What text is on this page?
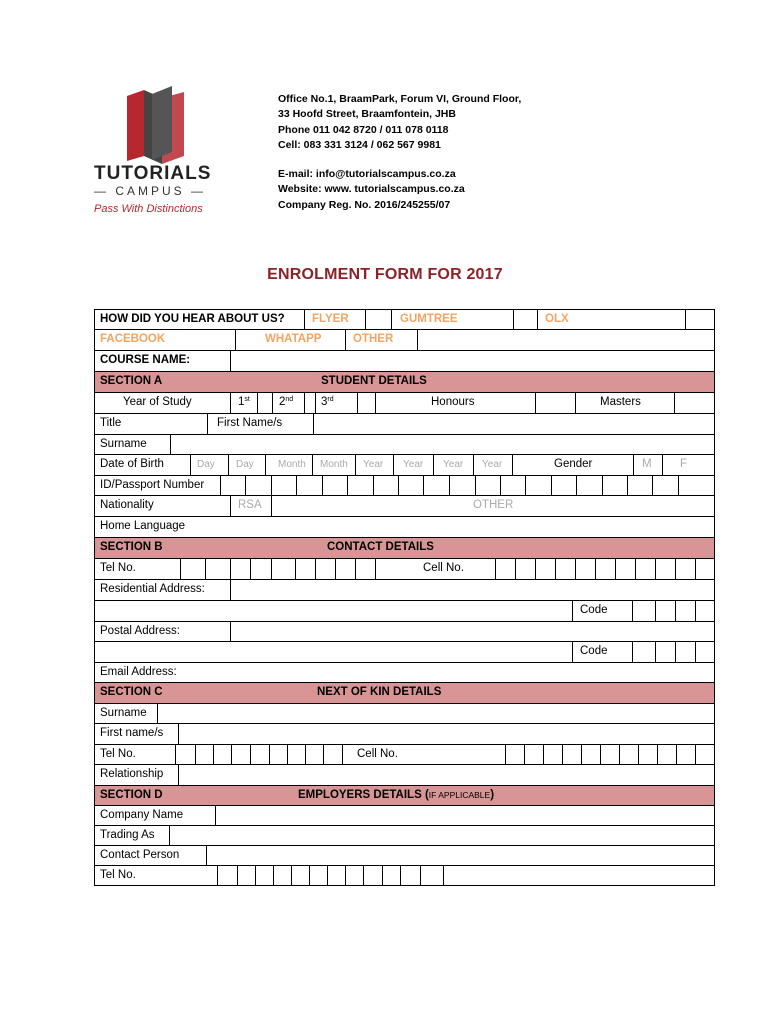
TUTORIALS
— CAMPUS —
Pass With Distinctions
Office No.1, BraamPark, Forum VI, Ground Floor,
33 Hoofd Street, Braamfontein, JHB
Phone 011 042 8720 / 011 078 0118
Cell: 083 331 3124 / 062 567 9981
E-mail: info@tutorialscampus.co.za
Website: www. tutorialscampus.co.za
Company Reg. No. 2016/245255/07
ENROLMENT FORM FOR 2017
HOW DID YOU HEAR ABOUT US? FLYER	GUMTREE	OLX
FACEBOOK	WHATAPP	OTHER
COURSE NAME:
SECTION A	STUDENT DETAILS
Year of Study	1st	2nd 3rd	Honours	Masters
Title	First Name/s
Surname
Date of Birth	Day Day Month Month Year Year Year Year	Gender	M F
ID/Passport Number
Nationality	RSA	OTHER
Home Language
SECTION B	CONTACT DETAILS
Tel No.	Cell No.
Residential Address:
Code
Postal Address:
Code
Email Address:
SECTION C	NEXT OF KIN DETAILS
Surname
First name/s
Tel No.	Cell No.
Relationship
SECTION D	EMPLOYERS DETAILS (IF APPLICABLE)
Company Name
Trading As
Contact Person
Tel No.
